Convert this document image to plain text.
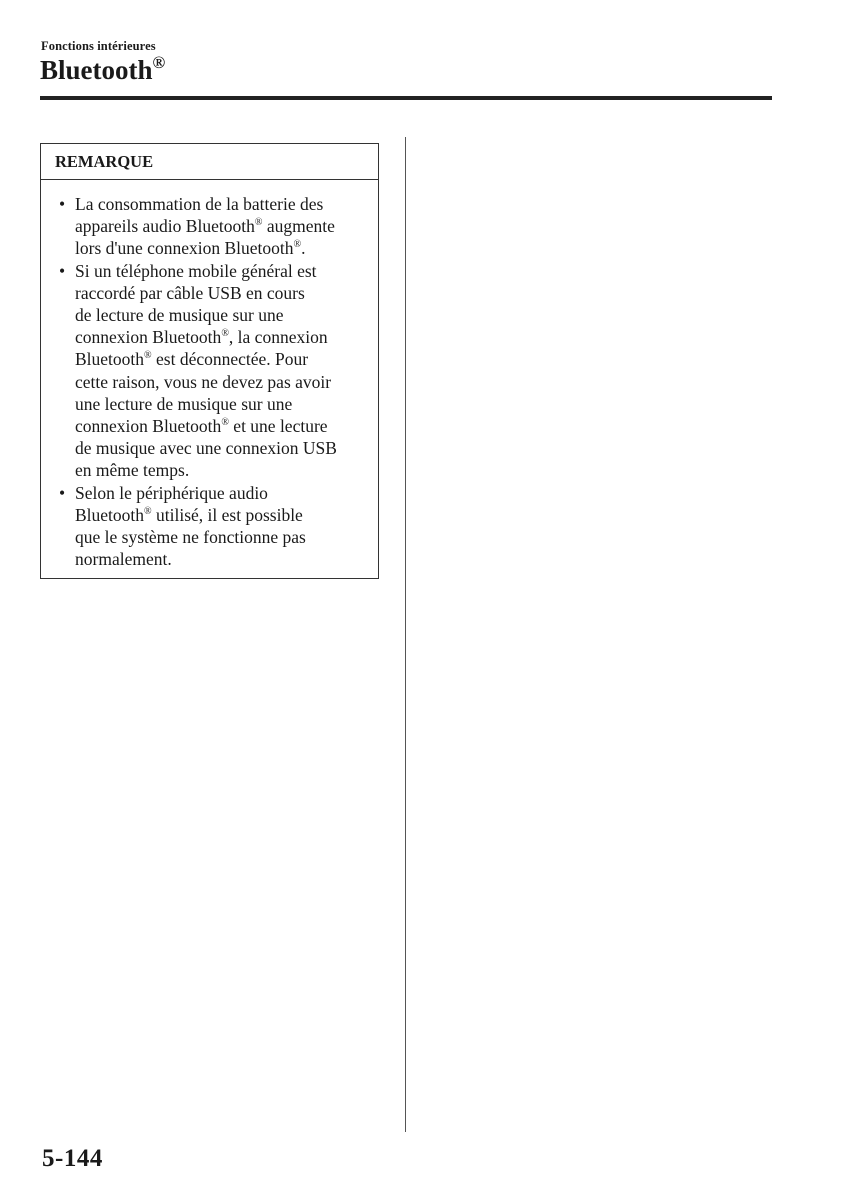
Fonctions intérieures
Bluetooth®
REMARQUE
• La consommation de la batterie des
appareils audio Bluetooth® augmente
lors d'une connexion Bluetooth®.
• Si un téléphone mobile général est
raccordé par câble USB en cours
de lecture de musique sur une
connexion Bluetooth®, la connexion
Bluetooth® est déconnectée. Pour
cette raison, vous ne devez pas avoir
une lecture de musique sur une
connexion Bluetooth® et une lecture
de musique avec une connexion USB
en même temps.
• Selon le périphérique audio
Bluetooth® utilisé, il est possible
que le système ne fonctionne pas
normalement.
5-144
